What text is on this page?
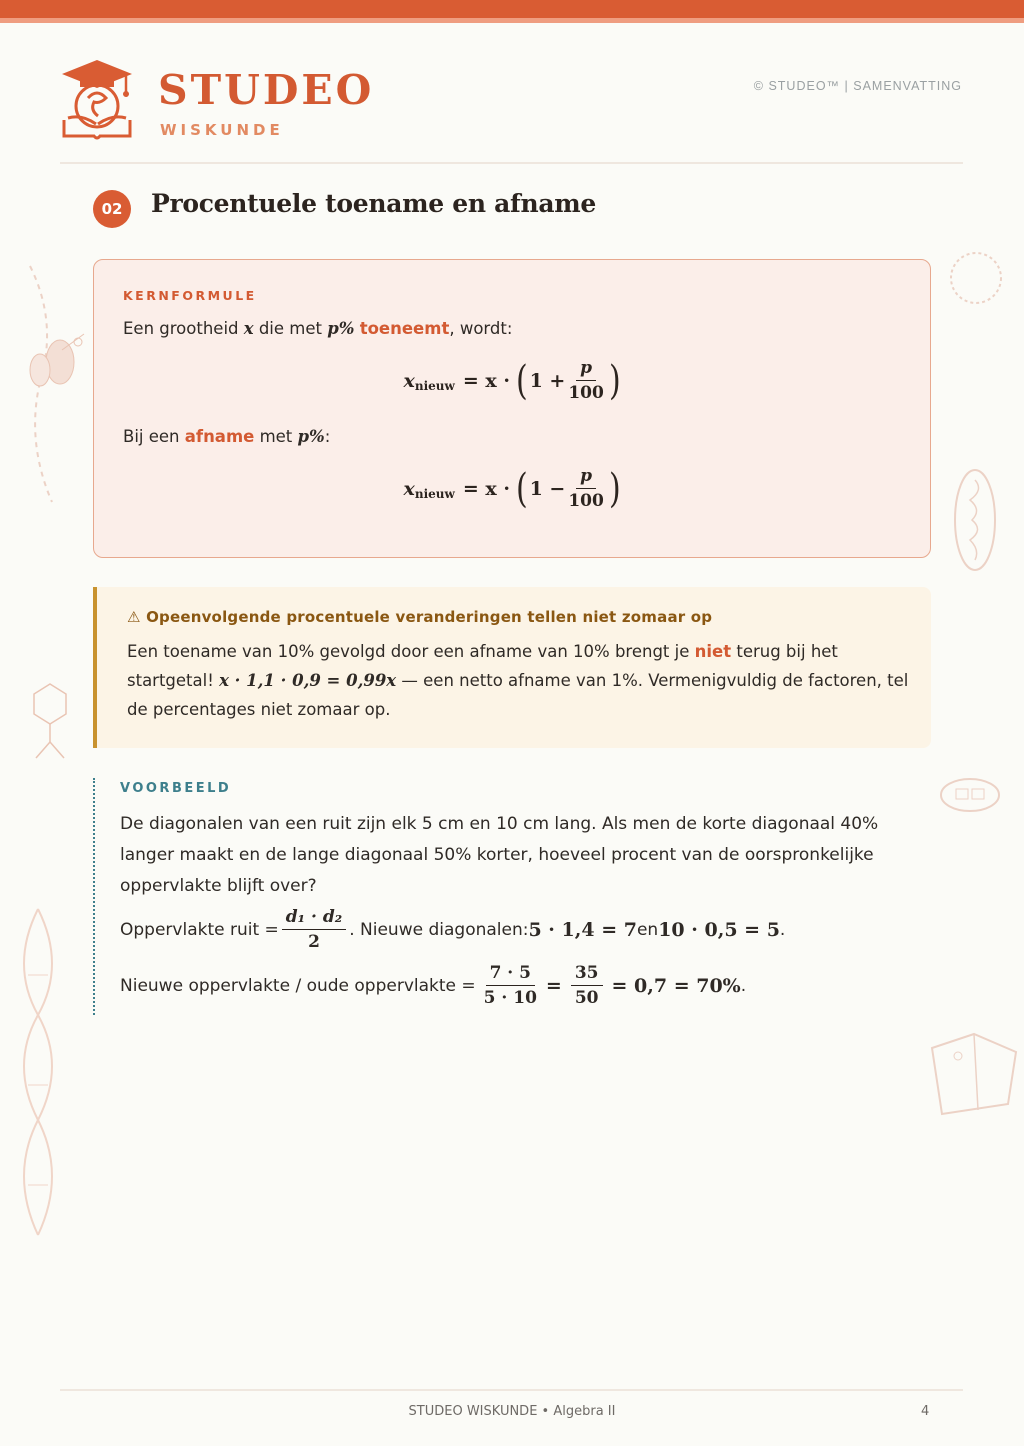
STUDEO
WISKUNDE
© STUDEO™ | SAMENVATTING
02	Procentuele toename en afname
KERNFORMULE
Een grootheid x die met p% toeneemt, wordt:
x nieuw = x · ( $1 + \frac{p}{100}$ )
Bij een afname met p%:
x nieuw = x · ( $1 - \frac{p}{100}$ )
⚠ Opeenvolgende procentuele veranderingen tellen niet zomaar op
Een toename van 10% gevolgd door een afname van 10% brengt je niet terug bij het startgetal! x · 1,1 · 0,9 = 0,99x — een netto afname van 1%. Vermenigvuldig de factoren, tel de percentages niet zomaar op.
VOORBEELD
De diagonalen van een ruit zijn elk 5 cm en 10 cm lang. Als men de korte diagonaal 40% langer maakt en de lange diagonaal 50% korter, hoeveel procent van de oorspronkelijke oppervlakte blijft over?
Oppervlakte ruit = $\frac{\text{d₁ · d₂}}{2}$ . Nieuwe diagonalen: 5 · 1,4 = 7 en 10 · 0,5 = 5 .
Nieuwe oppervlakte / oude oppervlakte = $\frac{7 \cdot 5}{5 \cdot 10} = \frac{35}{50} = 0,7 = 70\%$ .
STUDEO WISKUNDE • Algebra II	4
